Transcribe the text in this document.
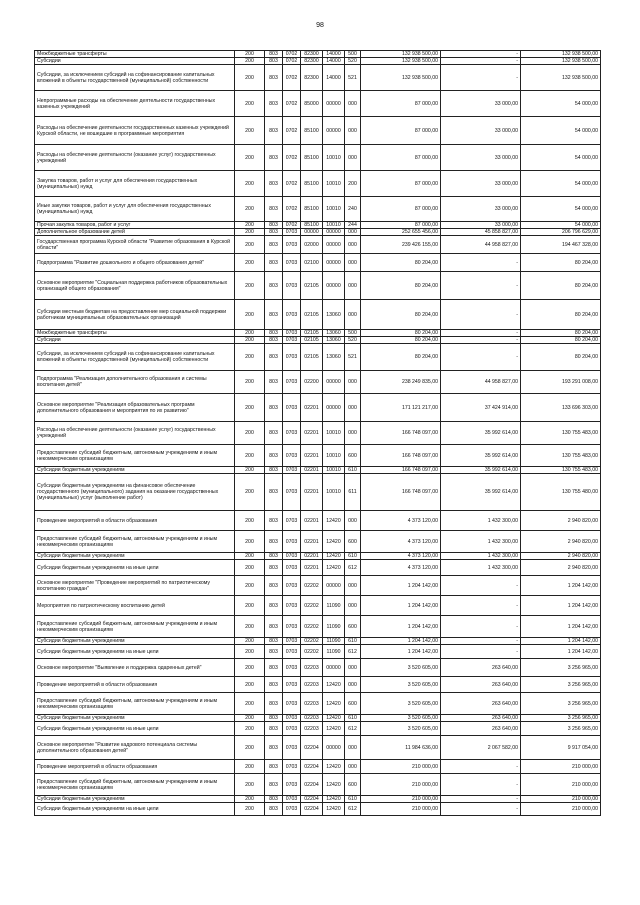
98
Межбюджетные трансферты	200	803	0702	82300	14000	500	132 938 500,00	-	132 938 500,00
Субсидии	200	803	0702	82300	14000	520	132 938 500,00	-	132 938 500,00
Субсидии, за исключением субсидий на софинансирование капитальных вложений в объекты государственной (муниципальной) собственности	200	803	0702	82300	14000	521	132 938 500,00	-	132 938 500,00
Непрограммные расходы на обеспечение деятельности государственных казенных учреждений	200	803	0702	85000	00000	000	87 000,00	33 000,00	54 000,00
Расходы на обеспечение деятельности государственных казенных учреждений Курской области, не вошедшие в программные мероприятия	200	803	0702	85100	00000	000	87 000,00	33 000,00	54 000,00
Расходы на обеспечение деятельности (оказание услуг) государственных учреждений	200	803	0702	85100	10010	000	87 000,00	33 000,00	54 000,00
Закупка товаров, работ и услуг для обеспечения государственных (муниципальных) нужд	200	803	0702	85100	10010	200	87 000,00	33 000,00	54 000,00
Иные закупки товаров, работ и услуг для обеспечения государственных (муниципальных) нужд	200	803	0702	85100	10010	240	87 000,00	33 000,00	54 000,00
Прочая закупка товаров, работ и услуг	200	803	0702	85100	10010	244	87 000,00	33 000,00	54 000,00
Дополнительное образование детей	200	803	0703	00000	00000	000	252 655 456,00	45 858 827,00	206 796 629,00
Государственная программа Курской области "Развитие образования в Курской области"	200	803	0703	02000	00000	000	239 426 155,00	44 958 827,00	194 467 328,00
Подпрограмма "Развитие дошкольного и общего образования детей"	200	803	0703	02100	00000	000	80 204,00	-	80 204,00
Основное мероприятие "Социальная поддержка работников образовательных организаций общего образования"	200	803	0703	02105	00000	000	80 204,00	-	80 204,00
Субсидии местным бюджетам на предоставление мер социальной поддержки работникам муниципальных образовательных организаций	200	803	0703	02105	13060	000	80 204,00	-	80 204,00
Межбюджетные трансферты	200	803	0703	02105	13060	500	80 204,00	-	80 204,00
Субсидии	200	803	0703	02105	13060	520	80 204,00	-	80 204,00
Субсидии, за исключением субсидий на софинансирование капитальных вложений в объекты государственной (муниципальной) собственности	200	803	0703	02105	13060	521	80 204,00	-	80 204,00
Подпрограмма "Реализация дополнительного образования и системы воспитания детей"	200	803	0703	02200	00000	000	238 249 835,00	44 958 827,00	193 291 008,00
Основное мероприятие "Реализация образовательных программ дополнительного образования и мероприятия по их развитию"	200	803	0703	02201	00000	000	171 121 217,00	37 424 914,00	133 696 303,00
Расходы на обеспечение деятельности (оказание услуг) государственных учреждений	200	803	0703	02201	10010	000	166 748 097,00	35 992 614,00	130 755 483,00
Предоставление субсидий бюджетным, автономным учреждениям и иным некоммерческим организациям	200	803	0703	02201	10010	600	166 748 097,00	35 992 614,00	130 755 483,00
Субсидии бюджетным учреждениям	200	803	0703	02201	10010	610	166 748 097,00	35 992 614,00	130 755 483,00
Субсидии бюджетным учреждениям на финансовое обеспечение государственного (муниципального) задания на оказание государственных (муниципальных) услуг (выполнение работ)	200	803	0703	02201	10010	611	166 748 097,00	35 992 614,00	130 755 480,00
Проведение мероприятий в области образования	200	803	0703	02201	12420	000	4 373 120,00	1 432 300,00	2 940 820,00
Предоставление субсидий бюджетным, автономным учреждениям и иным некоммерческим организациям	200	803	0703	02201	12420	600	4 373 120,00	1 432 300,00	2 940 820,00
Субсидии бюджетным учреждениям	200	803	0703	02201	12420	610	4 373 120,00	1 432 300,00	2 940 820,00
Субсидии бюджетным учреждениям на иные цели	200	803	0703	02201	12420	612	4 373 120,00	1 432 300,00	2 940 820,00
Основное мероприятие "Проведение мероприятий по патриотическому воспитанию граждан"	200	803	0703	02202	00000	000	1 204 142,00	-	1 204 142,00
Мероприятия по патриотическому воспитанию детей	200	803	0703	02202	11090	000	1 204 142,00	-	1 204 142,00
Предоставление субсидий бюджетным, автономным учреждениям и иным некоммерческим организациям	200	803	0703	02202	11090	600	1 204 142,00	-	1 204 142,00
Субсидии бюджетным учреждениям	200	803	0703	02202	11090	610	1 204 142,00	-	1 204 142,00
Субсидии бюджетным учреждениям на иные цели	200	803	0703	02202	11090	612	1 204 142,00	-	1 204 142,00
Основное мероприятие "Выявление и поддержка одаренных детей"	200	803	0703	02203	00000	000	3 520 605,00	263 640,00	3 256 965,00
Проведение мероприятий в области образования	200	803	0703	02203	12420	000	3 520 605,00	263 640,00	3 256 965,00
Предоставление субсидий бюджетным, автономным учреждениям и иным некоммерческим организациям	200	803	0703	02203	12420	600	3 520 605,00	263 640,00	3 256 965,00
Субсидии бюджетным учреждениям	200	803	0703	02203	12420	610	3 520 605,00	263 640,00	3 256 965,00
Субсидии бюджетным учреждениям на иные цели	200	803	0703	02203	12420	612	3 520 605,00	263 640,00	3 256 965,00
Основное мероприятие "Развитие кадрового потенциала системы дополнительного образования детей"	200	803	0703	02204	00000	000	11 984 636,00	2 067 582,00	9 917 054,00
Проведение мероприятий в области образования	200	803	0703	02204	12420	000	210 000,00	-	210 000,00
Предоставление субсидий бюджетным, автономным учреждениям и иным некоммерческим организациям	200	803	0703	02204	12420	600	210 000,00	-	210 000,00
Субсидии бюджетным учреждениям	200	803	0703	02204	12420	610	210 000,00	-	210 000,00
Субсидии бюджетным учреждениям на иные цели	200	803	0703	02204	12420	612	210 000,00	-	210 000,00
